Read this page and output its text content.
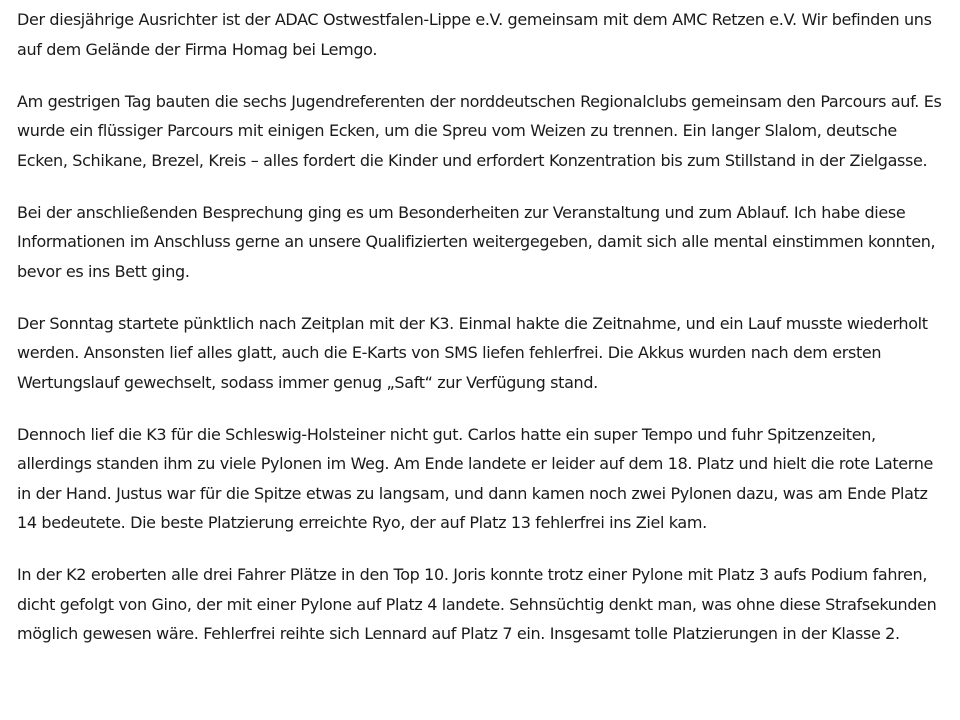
Der diesjährige Ausrichter ist der ADAC Ostwestfalen-Lippe e.V. gemeinsam mit dem AMC Retzen e.V. Wir befinden uns auf dem Gelände der Firma Homag bei Lemgo.

Am gestrigen Tag bauten die sechs Jugendreferenten der norddeutschen Regionalclubs gemeinsam den Parcours auf. Es wurde ein flüssiger Parcours mit einigen Ecken, um die Spreu vom Weizen zu trennen. Ein langer Slalom, deutsche Ecken, Schikane, Brezel, Kreis – alles fordert die Kinder und erfordert Konzentration bis zum Stillstand in der Zielgasse.

Bei der anschließenden Besprechung ging es um Besonderheiten zur Veranstaltung und zum Ablauf. Ich habe diese Informationen im Anschluss gerne an unsere Qualifizierten weitergegeben, damit sich alle mental einstimmen konnten, bevor es ins Bett ging.

Der Sonntag startete pünktlich nach Zeitplan mit der K3. Einmal hakte die Zeitnahme, und ein Lauf musste wiederholt werden. Ansonsten lief alles glatt, auch die E-Karts von SMS liefen fehlerfrei. Die Akkus wurden nach dem ersten Wertungslauf gewechselt, sodass immer genug „Saft“ zur Verfügung stand.

Dennoch lief die K3 für die Schleswig-Holsteiner nicht gut. Carlos hatte ein super Tempo und fuhr Spitzenzeiten, allerdings standen ihm zu viele Pylonen im Weg. Am Ende landete er leider auf dem 18. Platz und hielt die rote Laterne in der Hand. Justus war für die Spitze etwas zu langsam, und dann kamen noch zwei Pylonen dazu, was am Ende Platz 14 bedeutete. Die beste Platzierung erreichte Ryo, der auf Platz 13 fehlerfrei ins Ziel kam.

In der K2 eroberten alle drei Fahrer Plätze in den Top 10. Joris konnte trotz einer Pylone mit Platz 3 aufs Podium fahren, dicht gefolgt von Gino, der mit einer Pylone auf Platz 4 landete. Sehnsüchtig denkt man, was ohne diese Strafsekunden möglich gewesen wäre. Fehlerfrei reihte sich Lennard auf Platz 7 ein. Insgesamt tolle Platzierungen in der Klasse 2.
